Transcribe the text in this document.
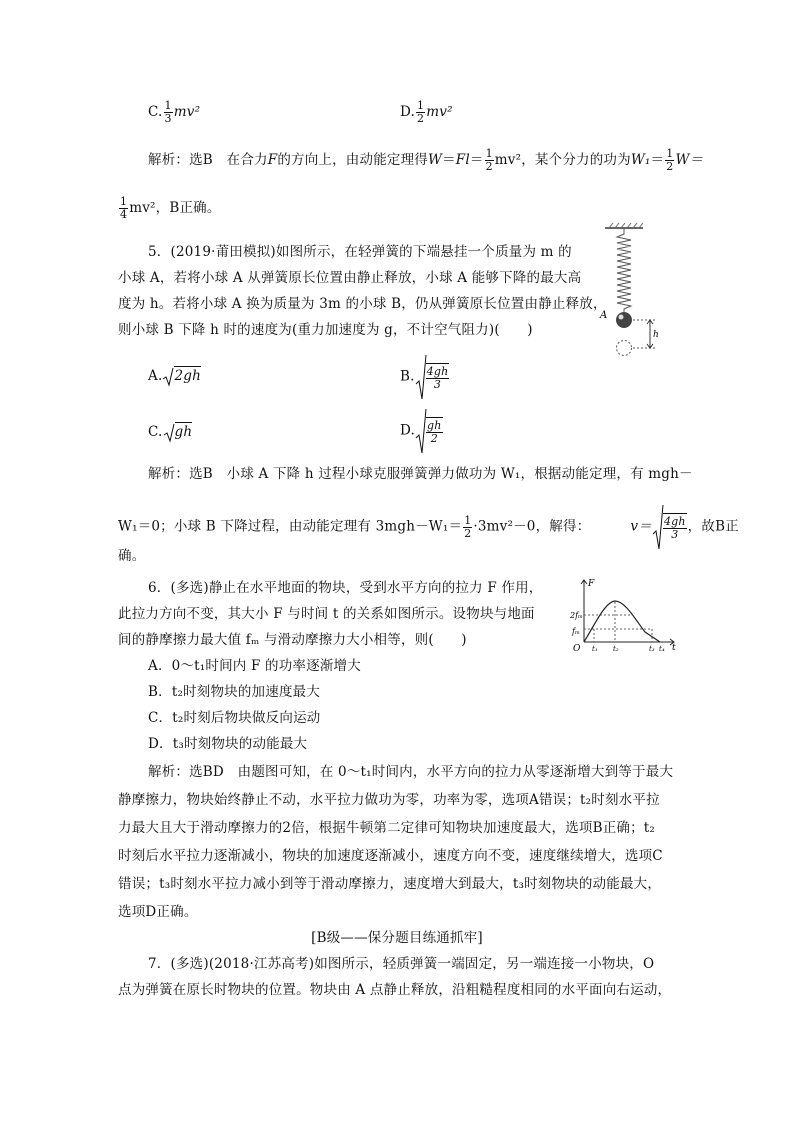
C. $\frac{1}{3} mv^2$	D. $\frac{1}{2} mv^2$
解析：选B　在合力F的方向上，由动能定理得$W=Fl= \frac{1}{2} mv^2$，某个分力的功为$W_1= \frac{1}{2} W=$
$\frac{1}{4} mv^2$，B正确。
5．(2019·莆田模拟)如图所示，在轻弹簧的下端悬挂一个质量为 m 的
小球 A，若将小球 A 从弹簧原长位置由静止释放，小球 A 能够下降的最大高
度为 h。若将小球 A 换为质量为 3m 的小球 B，仍从弹簧原长位置由静止释放，
则小球 B 下降 h 时的速度为(重力加速度为 g，不计空气阻力)(　　)
A
h
A. 2gh	B. $\frac{4gh}{3}$
C. gh	D. $\frac{gh}{2}$
解析：选B　小球 A 下降 h 过程小球克服弹簧弹力做功为 W₁，根据动能定理，有 mgh－
W₁＝0；小球 B 下降过程，由动能定理有 $3mgh-W_1= \frac{1}{2} \cdot 3mv^2-0$，解得：	$v= \frac{4gh}{3}$ ，故B正
确。
6．(多选)静止在水平地面的物块，受到水平方向的拉力 F 作用，
此拉力方向不变，其大小 F 与时间 t 的关系如图所示。设物块与地面
间的静摩擦力最大值 fₘ 与滑动摩擦力大小相等，则(　　)
F
t
O
2fₘ
fₘ
t₁ t₂	t₃ t₄
A．0～t₁时间内 F 的功率逐渐增大
B．t₂时刻物块的加速度最大
C．t₂时刻后物块做反向运动
D．t₃时刻物块的动能最大
解析：选BD　由题图可知，在 0～t₁时间内，水平方向的拉力从零逐渐增大到等于最大
静摩擦力，物块始终静止不动，水平拉力做功为零，功率为零，选项A错误；t₂时刻水平拉
力最大且大于滑动摩擦力的2倍，根据牛顿第二定律可知物块加速度最大，选项B正确；t₂
时刻后水平拉力逐渐减小，物块的加速度逐渐减小，速度方向不变，速度继续增大，选项C
错误；t₃时刻水平拉力减小到等于滑动摩擦力，速度增大到最大，t₃时刻物块的动能最大，
选项D正确。
[B级——保分题目练通抓牢]
7．(多选)(2018·江苏高考)如图所示，轻质弹簧一端固定，另一端连接一小物块，O
点为弹簧在原长时物块的位置。物块由 A 点静止释放，沿粗糙程度相同的水平面向右运动，
